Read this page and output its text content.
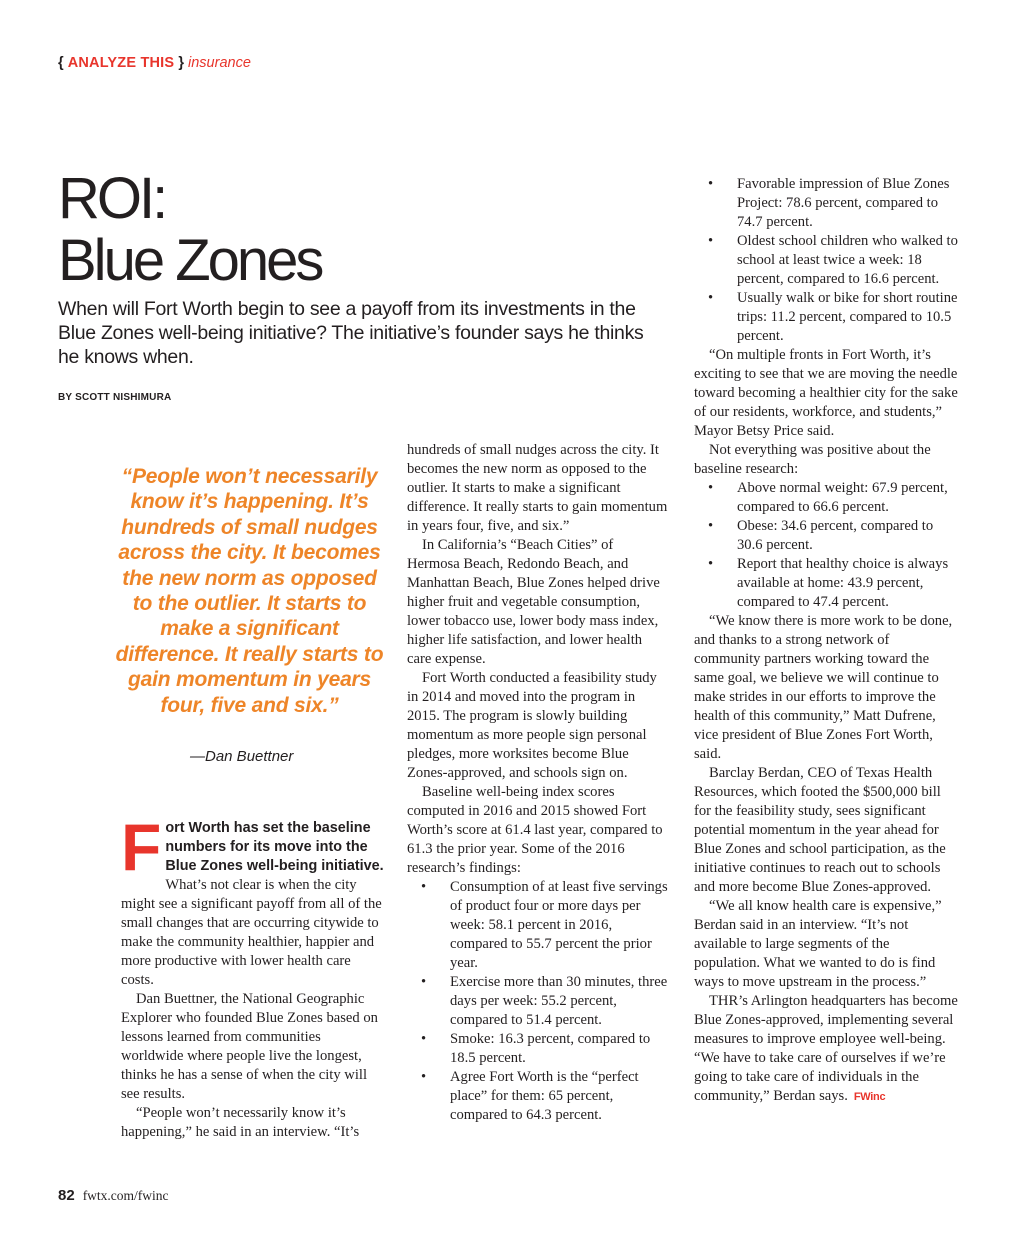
{ ANALYZE THIS } insurance
ROI:
Blue Zones
When will Fort Worth begin to see a payoff from its investments in the Blue Zones well-being initiative? The initiative’s founder says he thinks he knows when.
BY SCOTT NISHIMURA
“People won’t necessarily know it’s happening. It’s hundreds of small nudges across the city. It becomes the new norm as opposed to the outlier. It starts to make a significant difference. It really starts to gain momentum in years four, five and six.”
—Dan Buettner
F ort Worth has set the baseline numbers for its move into the Blue Zones well-being initiative. What’s not clear is when the city might see a significant payoff from all of the small changes that are occurring citywide to make the community healthier, happier and more productive with lower health care costs.

Dan Buettner, the National Geographic Explorer who founded Blue Zones based on lessons learned from communities worldwide where people live the longest, thinks he has a sense of when the city will see results.

“People won’t necessarily know it’s happening,” he said in an interview. “It’s

hundreds of small nudges across the city. It becomes the new norm as opposed to the outlier. It starts to make a significant difference. It really starts to gain momentum in years four, five, and six.”

In California’s “Beach Cities” of Hermosa Beach, Redondo Beach, and Manhattan Beach, Blue Zones helped drive higher fruit and vegetable consumption, lower tobacco use, lower body mass index, higher life satisfaction, and lower health care expense.

Fort Worth conducted a feasibility study in 2014 and moved into the program in 2015. The program is slowly building momentum as more people sign personal pledges, more worksites become Blue Zones-approved, and schools sign on.

Baseline well-being index scores computed in 2016 and 2015 showed Fort Worth’s score at 61.4 last year, compared to 61.3 the prior year. Some of the 2016 research’s findings:

• Consumption of at least five servings of product four or more days per week: 58.1 percent in 2016, compared to 55.7 percent the prior year.
• Exercise more than 30 minutes, three days per week: 55.2 percent, compared to 51.4 percent.
• Smoke: 16.3 percent, compared to 18.5 percent.
• Agree Fort Worth is the “perfect place” for them: 65 percent, compared to 64.3 percent.
• Favorable impression of Blue Zones Project: 78.6 percent, compared to 74.7 percent.
• Oldest school children who walked to school at least twice a week: 18 percent, compared to 16.6 percent.
• Usually walk or bike for short routine trips: 11.2 percent, compared to 10.5 percent.

“On multiple fronts in Fort Worth, it’s exciting to see that we are moving the needle toward becoming a healthier city for the sake of our residents, workforce, and students,” Mayor Betsy Price said.

Not everything was positive about the baseline research:

• Above normal weight: 67.9 percent, compared to 66.6 percent.
• Obese: 34.6 percent, compared to 30.6 percent.
• Report that healthy choice is always available at home: 43.9 percent, compared to 47.4 percent.

“We know there is more work to be done, and thanks to a strong network of community partners working toward the same goal, we believe we will continue to make strides in our efforts to improve the health of this community,” Matt Dufrene, vice president of Blue Zones Fort Worth, said.

Barclay Berdan, CEO of Texas Health Resources, which footed the $500,000 bill for the feasibility study, sees significant potential momentum in the year ahead for Blue Zones and school participation, as the initiative continues to reach out to schools and more become Blue Zones-approved.

“We all know health care is expensive,” Berdan said in an interview. “It’s not available to large segments of the population. What we wanted to do is find ways to move upstream in the process.”

THR’s Arlington headquarters has become Blue Zones-approved, implementing several measures to improve employee well-being. “We have to take care of ourselves if we’re going to take care of individuals in the community,” Berdan says. FWinc

82 fwtx.com/fwinc
